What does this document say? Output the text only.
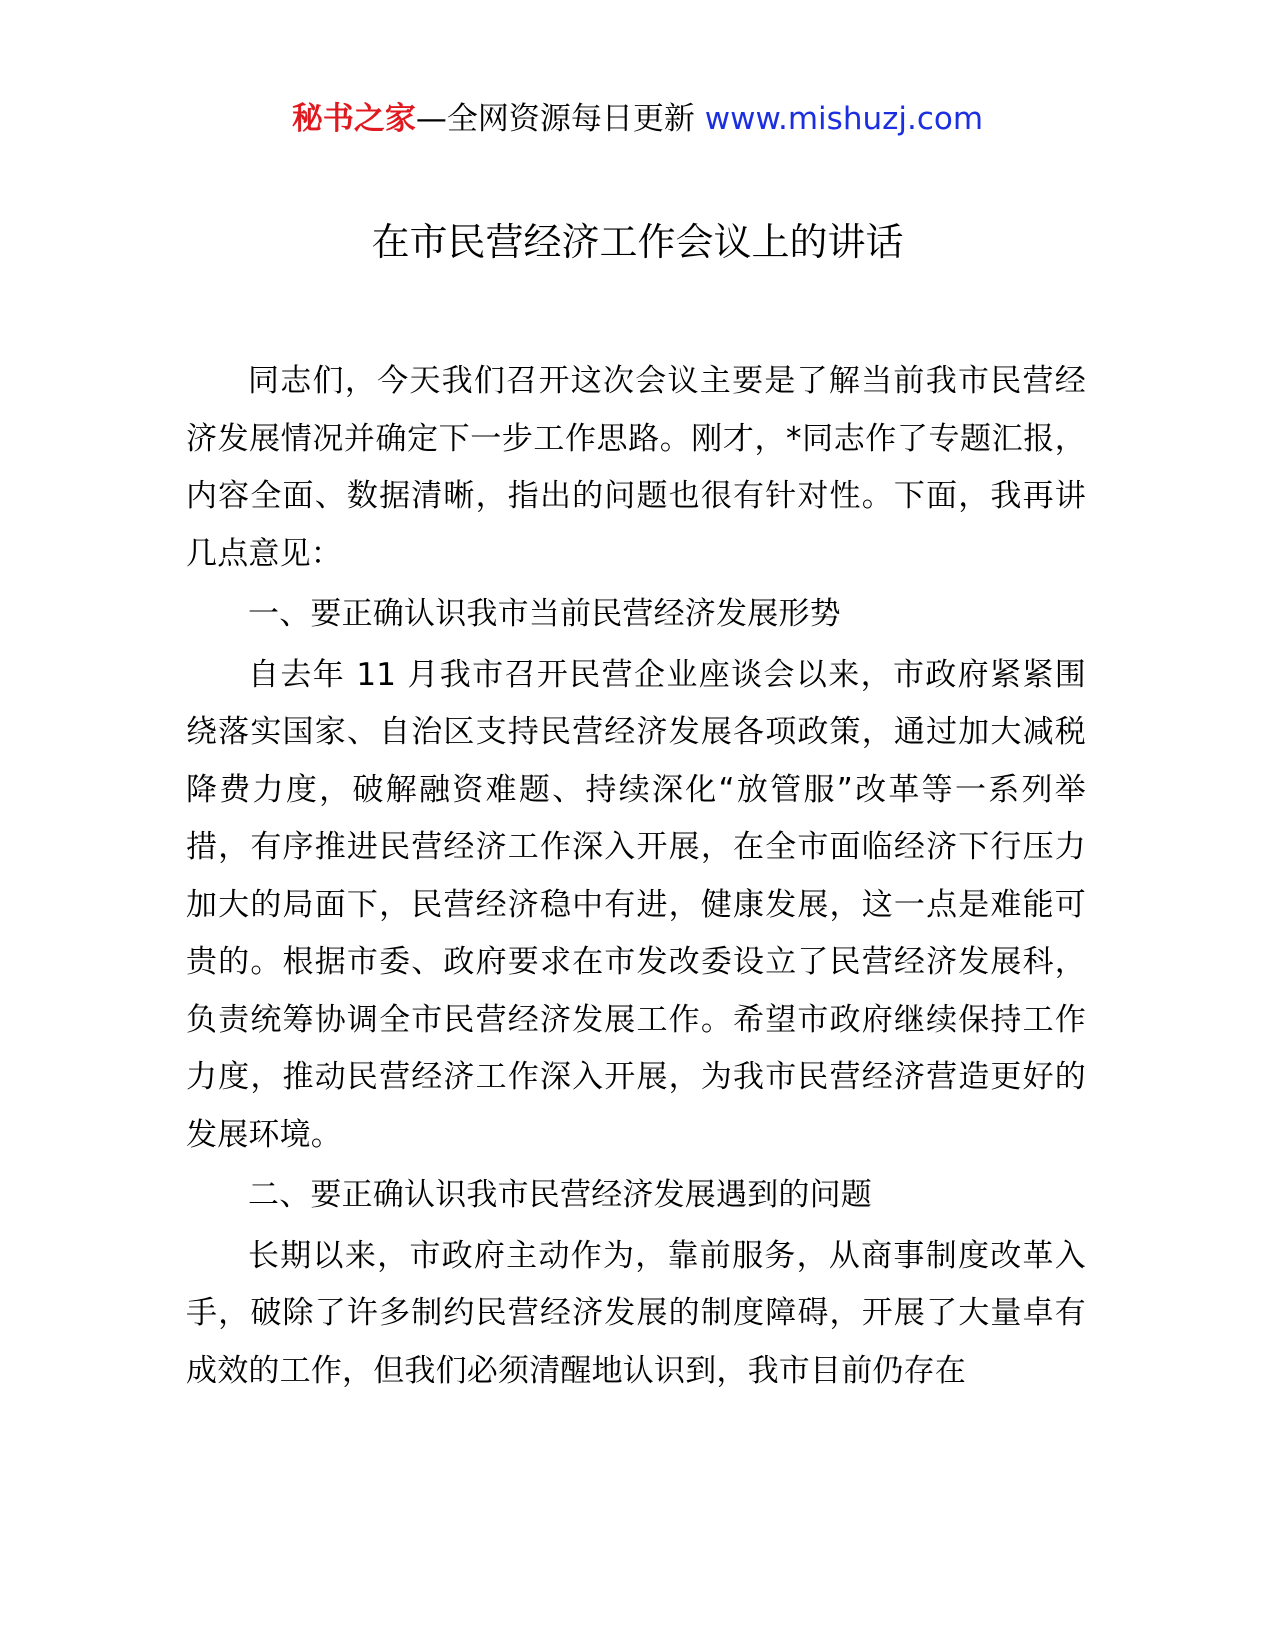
秘书之家—全网资源每日更新 www.mishuzj.com
在市民营经济工作会议上的讲话

同志们，今天我们召开这次会议主要是了解当前我市民营经济发展情况并确定下一步工作思路。刚才，*同志作了专题汇报，内容全面、数据清晰，指出的问题也很有针对性。下面，我再讲几点意见：

一、要正确认识我市当前民营经济发展形势

自去年 11 月我市召开民营企业座谈会以来，市政府紧紧围绕落实国家、自治区支持民营经济发展各项政策，通过加大减税降费力度，破解融资难题、持续深化“放管服”改革等一系列举措，有序推进民营经济工作深入开展，在全市面临经济下行压力加大的局面下，民营经济稳中有进，健康发展，这一点是难能可贵的。根据市委、政府要求在市发改委设立了民营经济发展科，负责统筹协调全市民营经济发展工作。希望市政府继续保持工作力度，推动民营经济工作深入开展，为我市民营经济营造更好的发展环境。

二、要正确认识我市民营经济发展遇到的问题

长期以来，市政府主动作为，靠前服务，从商事制度改革入手，破除了许多制约民营经济发展的制度障碍，开展了大量卓有成效的工作，但我们必须清醒地认识到，我市目前仍存在
